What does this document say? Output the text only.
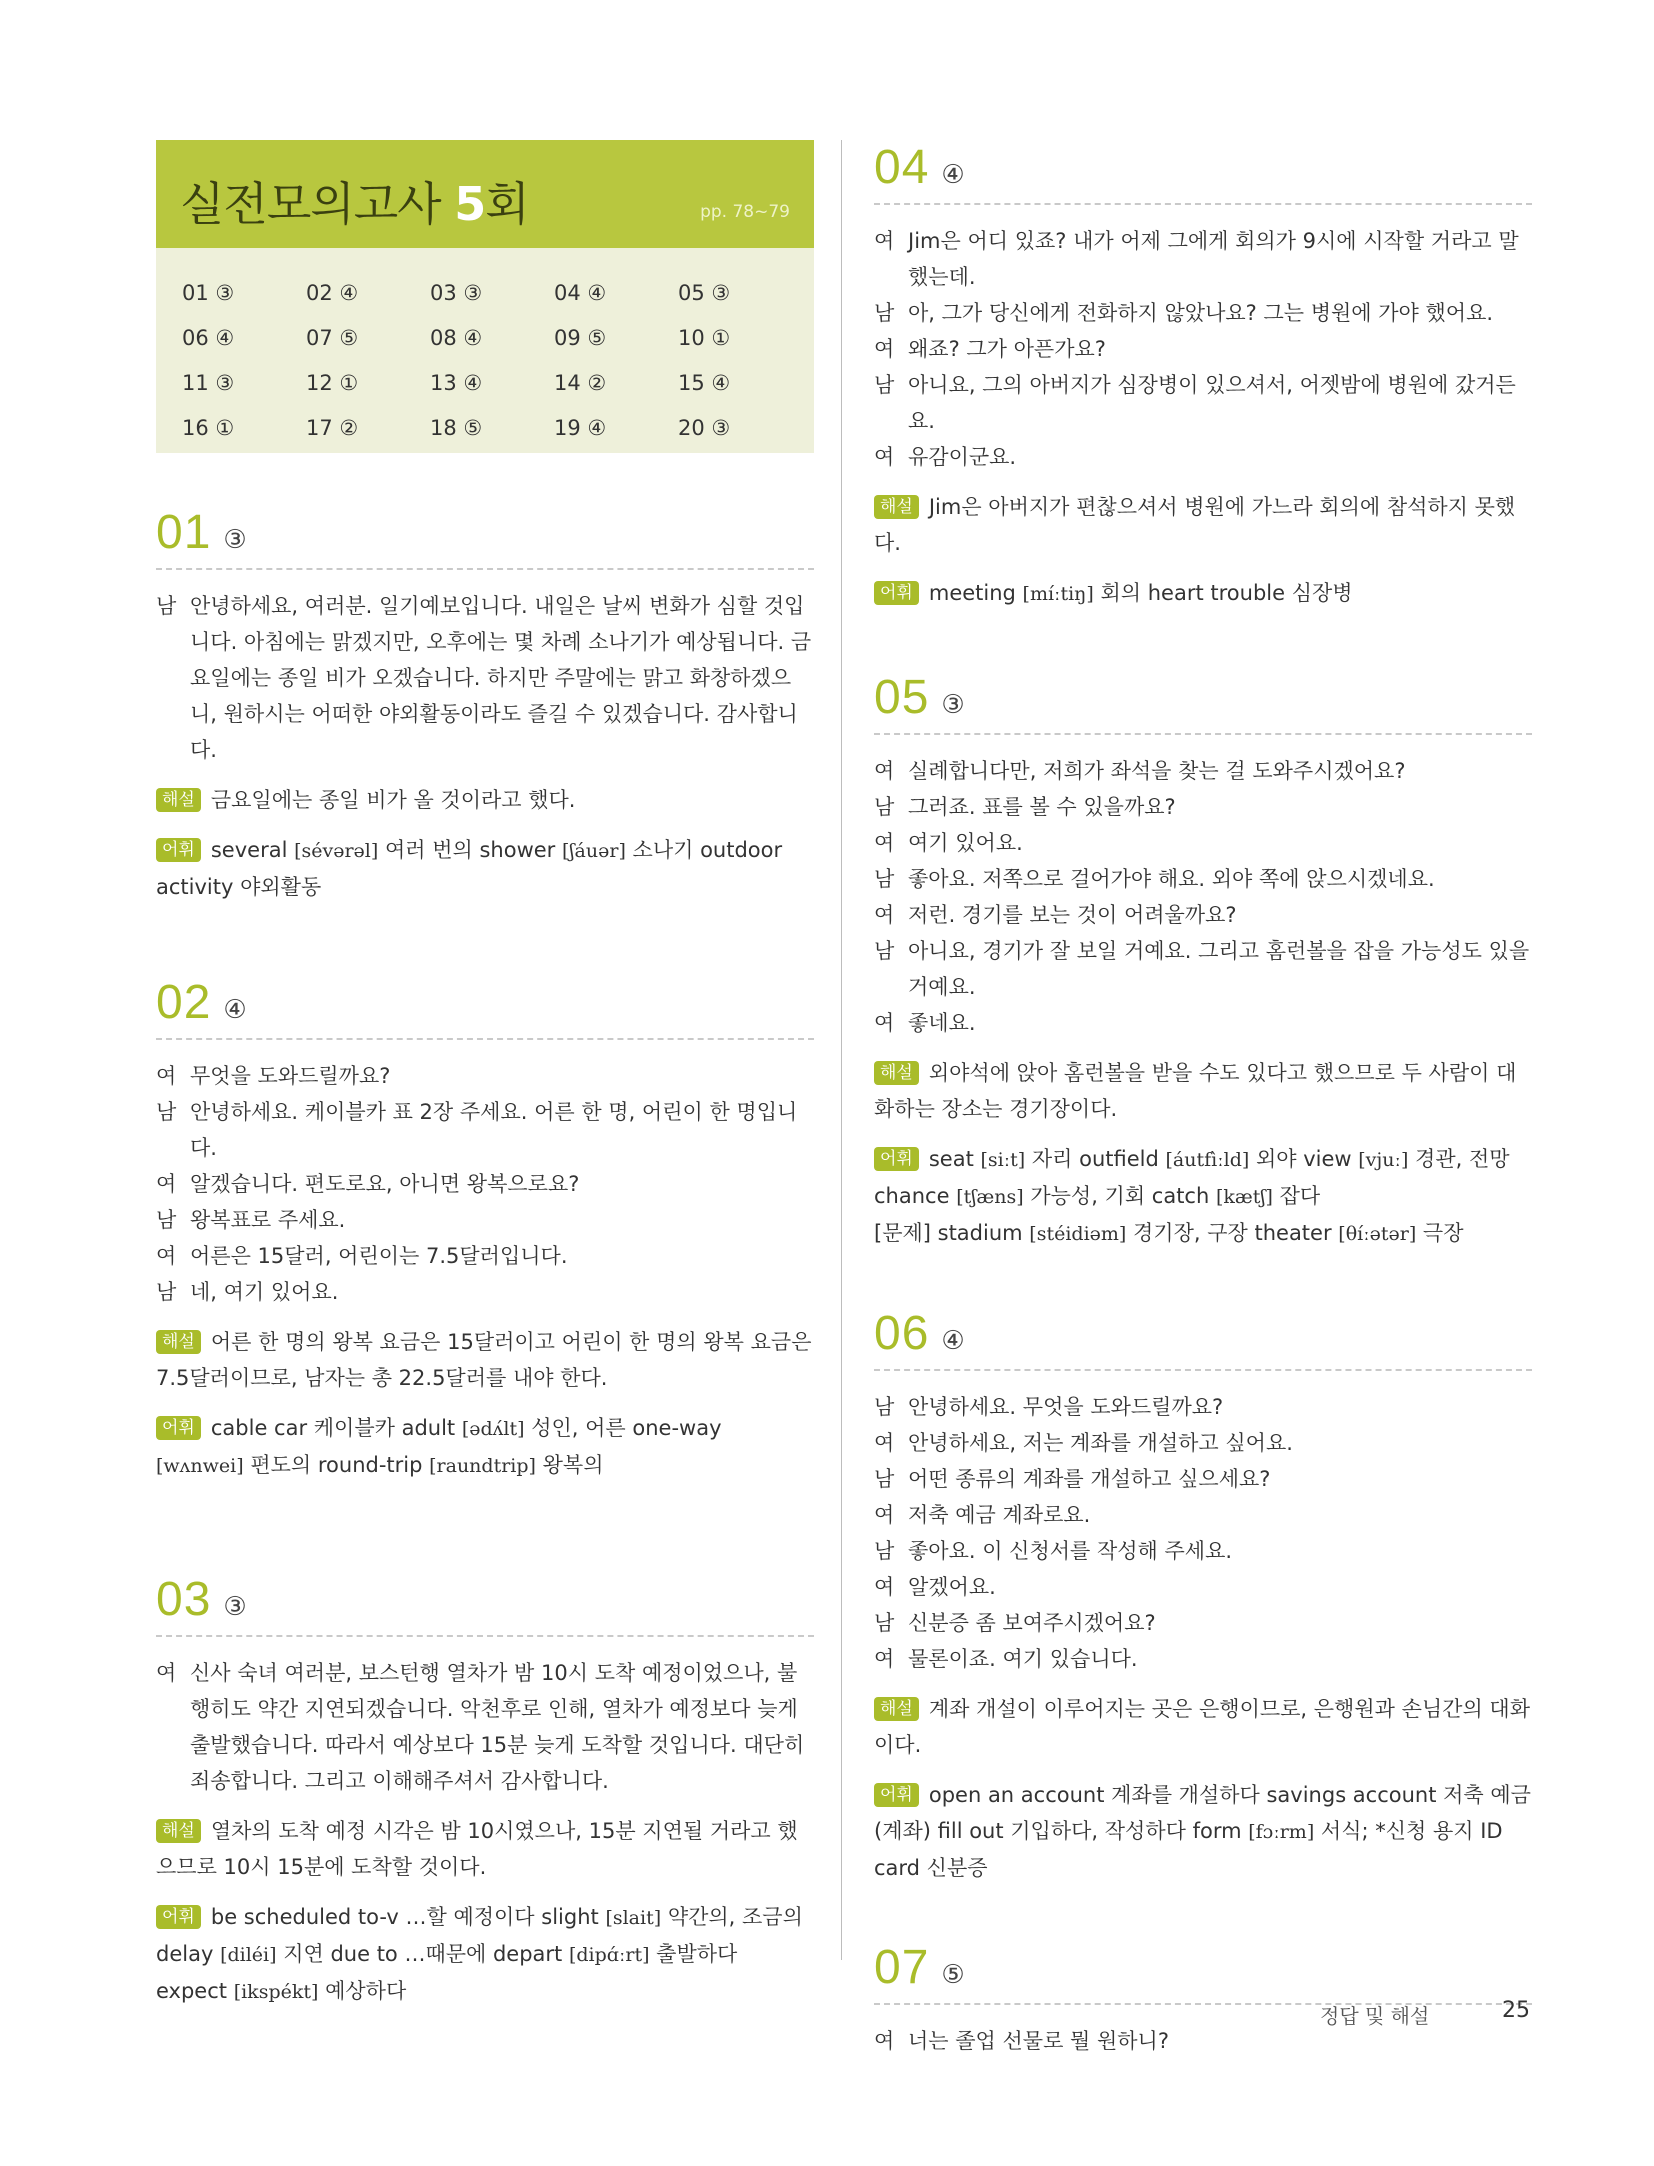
실전모의고사 5회	pp. 78~79
01 ③	02 ④	03 ③	04 ④	05 ③
06 ④	07 ⑤	08 ④	09 ⑤	10 ①
11 ③	12 ①	13 ④	14 ②	15 ④
16 ①	17 ②	18 ⑤	19 ④	20 ③
01 ③
남 안녕하세요, 여러분. 일기예보입니다. 내일은 날씨 변화가 심할 것입니다. 아침에는 맑겠지만, 오후에는 몇 차례 소나기가 예상됩니다. 금요일에는 종일 비가 오겠습니다. 하지만 주말에는 맑고 화창하겠으니, 원하시는 어떠한 야외활동이라도 즐길 수 있겠습니다. 감사합니다.
해설 금요일에는 종일 비가 올 것이라고 했다.
어휘 several [sévərəl] 여러 번의 shower [ʃáuər] 소나기 outdoor activity 야외활동
02 ④
여 무엇을 도와드릴까요?
남 안녕하세요. 케이블카 표 2장 주세요. 어른 한 명, 어린이 한 명입니다.
여 알겠습니다. 편도로요, 아니면 왕복으로요?
남 왕복표로 주세요.
여 어른은 15달러, 어린이는 7.5달러입니다.
남 네, 여기 있어요.
해설 어른 한 명의 왕복 요금은 15달러이고 어린이 한 명의 왕복 요금은 7.5달러이므로, 남자는 총 22.5달러를 내야 한다.
어휘 cable car 케이블카 adult [ədʌ́lt] 성인, 어른 one-way [wʌnwei] 편도의 round-trip [raundtrip] 왕복의
03 ③
여 신사 숙녀 여러분, 보스턴행 열차가 밤 10시 도착 예정이었으나, 불행히도 약간 지연되겠습니다. 악천후로 인해, 열차가 예정보다 늦게 출발했습니다. 따라서 예상보다 15분 늦게 도착할 것입니다. 대단히 죄송합니다. 그리고 이해해주셔서 감사합니다.
해설 열차의 도착 예정 시각은 밤 10시였으나, 15분 지연될 거라고 했으므로 10시 15분에 도착할 것이다.
어휘 be scheduled to-v …할 예정이다 slight [slait] 약간의, 조금의 delay [diléi] 지연 due to …때문에 depart [dipɑ́ːrt] 출발하다 expect [ikspékt] 예상하다
04 ④
여 Jim은 어디 있죠? 내가 어제 그에게 회의가 9시에 시작할 거라고 말했는데.
남 아, 그가 당신에게 전화하지 않았나요? 그는 병원에 가야 했어요.
여 왜죠? 그가 아픈가요?
남 아니요, 그의 아버지가 심장병이 있으셔서, 어젯밤에 병원에 갔거든요.
여 유감이군요.
해설 Jim은 아버지가 편찮으셔서 병원에 가느라 회의에 참석하지 못했다.
어휘 meeting [míːtiŋ] 회의 heart trouble 심장병
05 ③
여 실례합니다만, 저희가 좌석을 찾는 걸 도와주시겠어요?
남 그러죠. 표를 볼 수 있을까요?
여 여기 있어요.
남 좋아요. 저쪽으로 걸어가야 해요. 외야 쪽에 앉으시겠네요.
여 저런. 경기를 보는 것이 어려울까요?
남 아니요, 경기가 잘 보일 거예요. 그리고 홈런볼을 잡을 가능성도 있을 거예요.
여 좋네요.
해설 외야석에 앉아 홈런볼을 받을 수도 있다고 했으므로 두 사람이 대화하는 장소는 경기장이다.
어휘 seat [siːt] 자리 outfield [áutfìːld] 외야 view [vjuː] 경관, 전망 chance [tʃæns] 가능성, 기회 catch [kætʃ] 잡다
[문제] stadium [stéidiəm] 경기장, 구장 theater [θíːətər] 극장
06 ④
남 안녕하세요. 무엇을 도와드릴까요?
여 안녕하세요, 저는 계좌를 개설하고 싶어요.
남 어떤 종류의 계좌를 개설하고 싶으세요?
여 저축 예금 계좌로요.
남 좋아요. 이 신청서를 작성해 주세요.
여 알겠어요.
남 신분증 좀 보여주시겠어요?
여 물론이죠. 여기 있습니다.
해설 계좌 개설이 이루어지는 곳은 은행이므로, 은행원과 손님간의 대화이다.
어휘 open an account 계좌를 개설하다 savings account 저축 예금 (계좌) fill out 기입하다, 작성하다 form [fɔːrm] 서식; *신청 용지 ID card 신분증
07 ⑤
여 너는 졸업 선물로 뭘 원하니?
정답 및 해설	25
